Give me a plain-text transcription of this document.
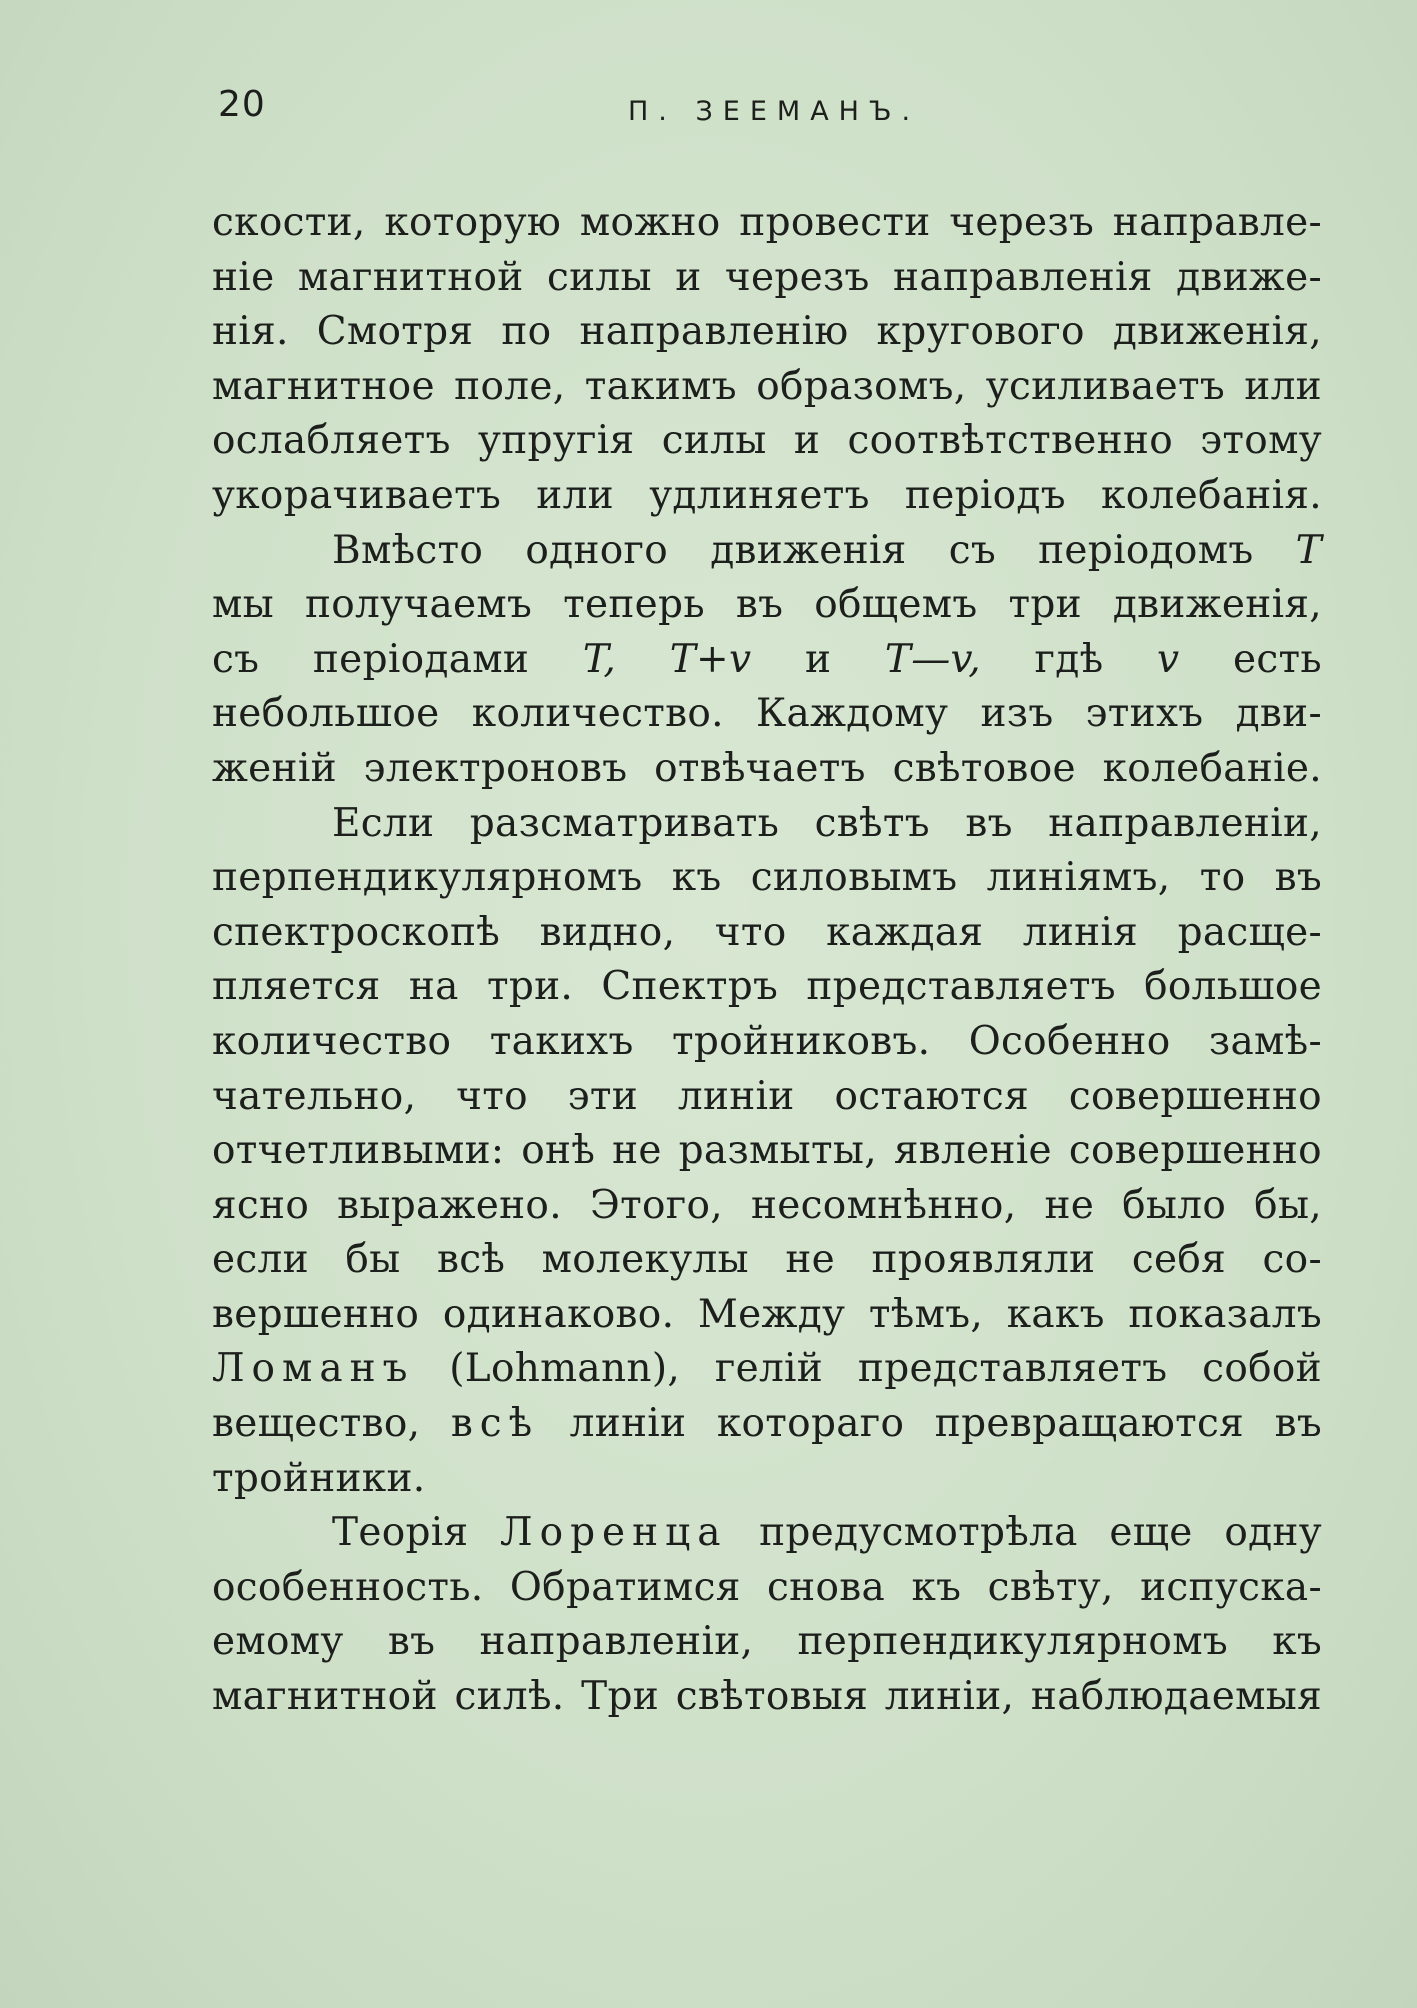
20	П. ЗЕЕМАНЪ.
скости, которую можно провести черезъ направле-
ніе магнитной силы и черезъ направленія движе-
нія. Смотря по направленію кругового движенія,
магнитное поле, такимъ образомъ, усиливаетъ или
ослабляетъ упругія силы и соотвѣтственно этому
укорачиваетъ или удлиняетъ періодъ колебанія.
Вмѣсто одного движенія съ періодомъ T
мы получаемъ теперь въ общемъ три движенія,
съ періодами T, T+v и T—v, гдѣ v есть
небольшое количество. Каждому изъ этихъ дви-
женій электроновъ отвѣчаетъ свѣтовое колебаніе.
Если разсматривать свѣтъ въ направленіи,
перпендикулярномъ къ силовымъ линіямъ, то въ
спектроскопѣ видно, что каждая линія расще-
пляется на три. Спектръ представляетъ большое
количество такихъ тройниковъ. Особенно замѣ-
чательно, что эти линіи остаются совершенно
отчетливыми: онѣ не размыты, явленіе совершенно
ясно выражено. Этого, несомнѣнно, не было бы,
если бы всѣ молекулы не проявляли себя со-
вершенно одинаково. Между тѣмъ, какъ показалъ
Ломанъ (Lohmann), гелій представляетъ собой
вещество, всѣ линіи котораго превращаются въ
тройники.
Теорія Лоренца предусмотрѣла еще одну
особенность. Обратимся снова къ свѣту, испуска-
емому въ направленіи, перпендикулярномъ къ
магнитной силѣ. Три свѣтовыя линіи, наблюдаемыя
